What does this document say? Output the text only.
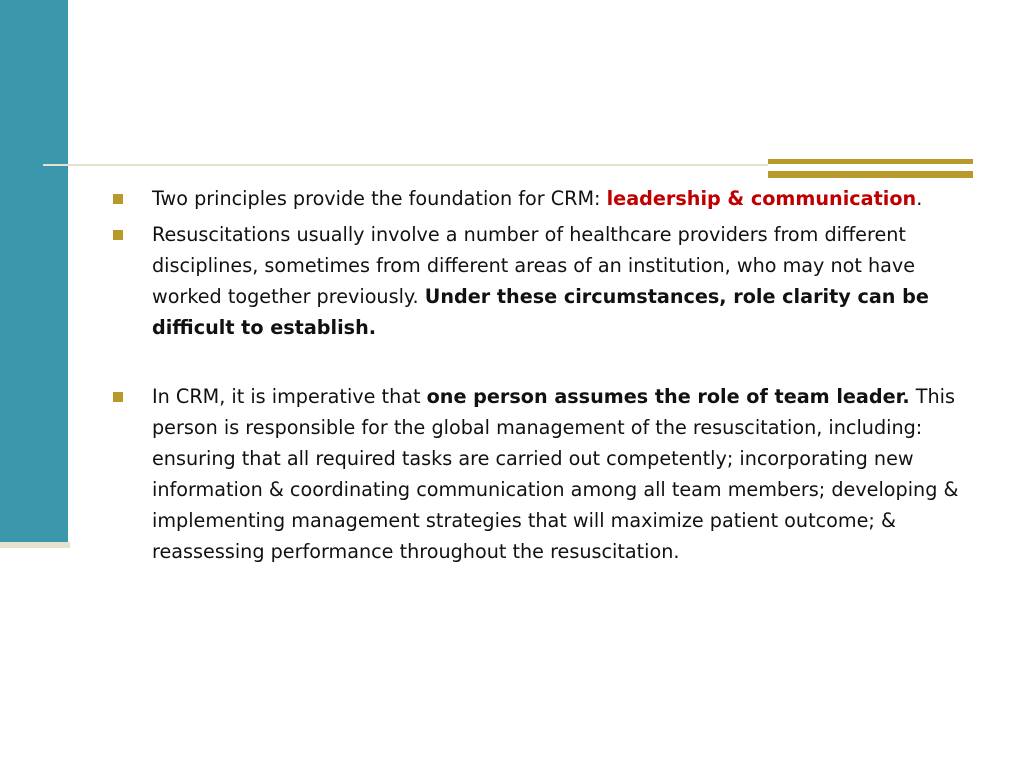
Two principles provide the foundation for CRM: leadership & communication.
Resuscitations usually involve a number of healthcare providers from different disciplines, sometimes from different areas of an institution, who may not have worked together previously. Under these circumstances, role clarity can be difficult to establish.
In CRM, it is imperative that one person assumes the role of team leader. This person is responsible for the global management of the resuscitation, including: ensuring that all required tasks are carried out competently; incorporating new information & coordinating communication among all team members; developing & implementing management strategies that will maximize patient outcome; & reassessing performance throughout the resuscitation.
